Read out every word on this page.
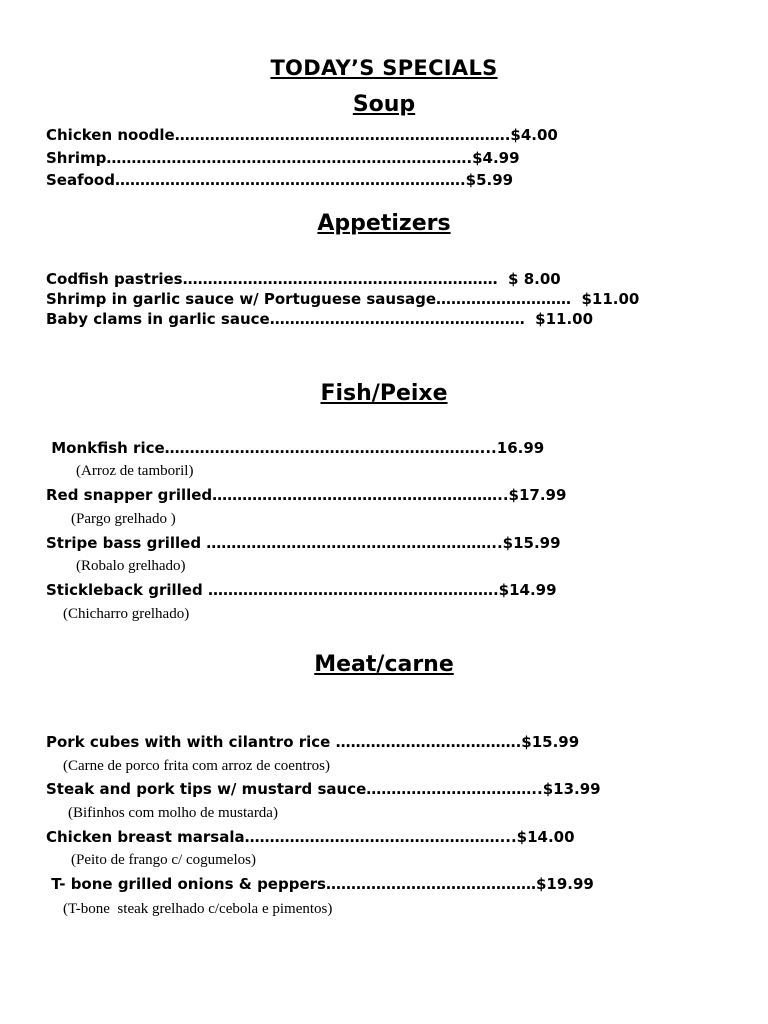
TODAY’S SPECIALS
Soup
Chicken noodle………………………………………………………….$4.00
Shrimp……………………………………………………………….$4.99
Seafood…………………………………………………………….$5.99
Appetizers
Codfish pastries………………………………………………………  $ 8.00
Shrimp in garlic sauce w/ Portuguese sausage………………………  $11.00
Baby clams in garlic sauce……………………………………………  $11.00
Fish/Peixe
Monkfish rice………………………………………………………...16.99
(Arroz de tamboril)
Red snapper grilled…………………………………………………..$17.99
(Pargo grelhado )
Stripe bass grilled …………………………………………………..$15.99
(Robalo grelhado)
Stickleback grilled ………………………………………………….$14.99
(Chicharro grelhado)
Meat/carne
Pork cubes with with cilantro rice ……………………………….$15.99
(Carne de porco frita com arroz de coentros)
Steak and pork tips w/ mustard sauce……………………………..$13.99
(Bifinhos com molho de mustarda)
Chicken breast marsala……………………………………………...$14.00
(Peito de frango c/ cogumelos)
T- bone grilled onions & peppers……………………………………$19.99
(T-bone  steak grelhado c/cebola e pimentos)
